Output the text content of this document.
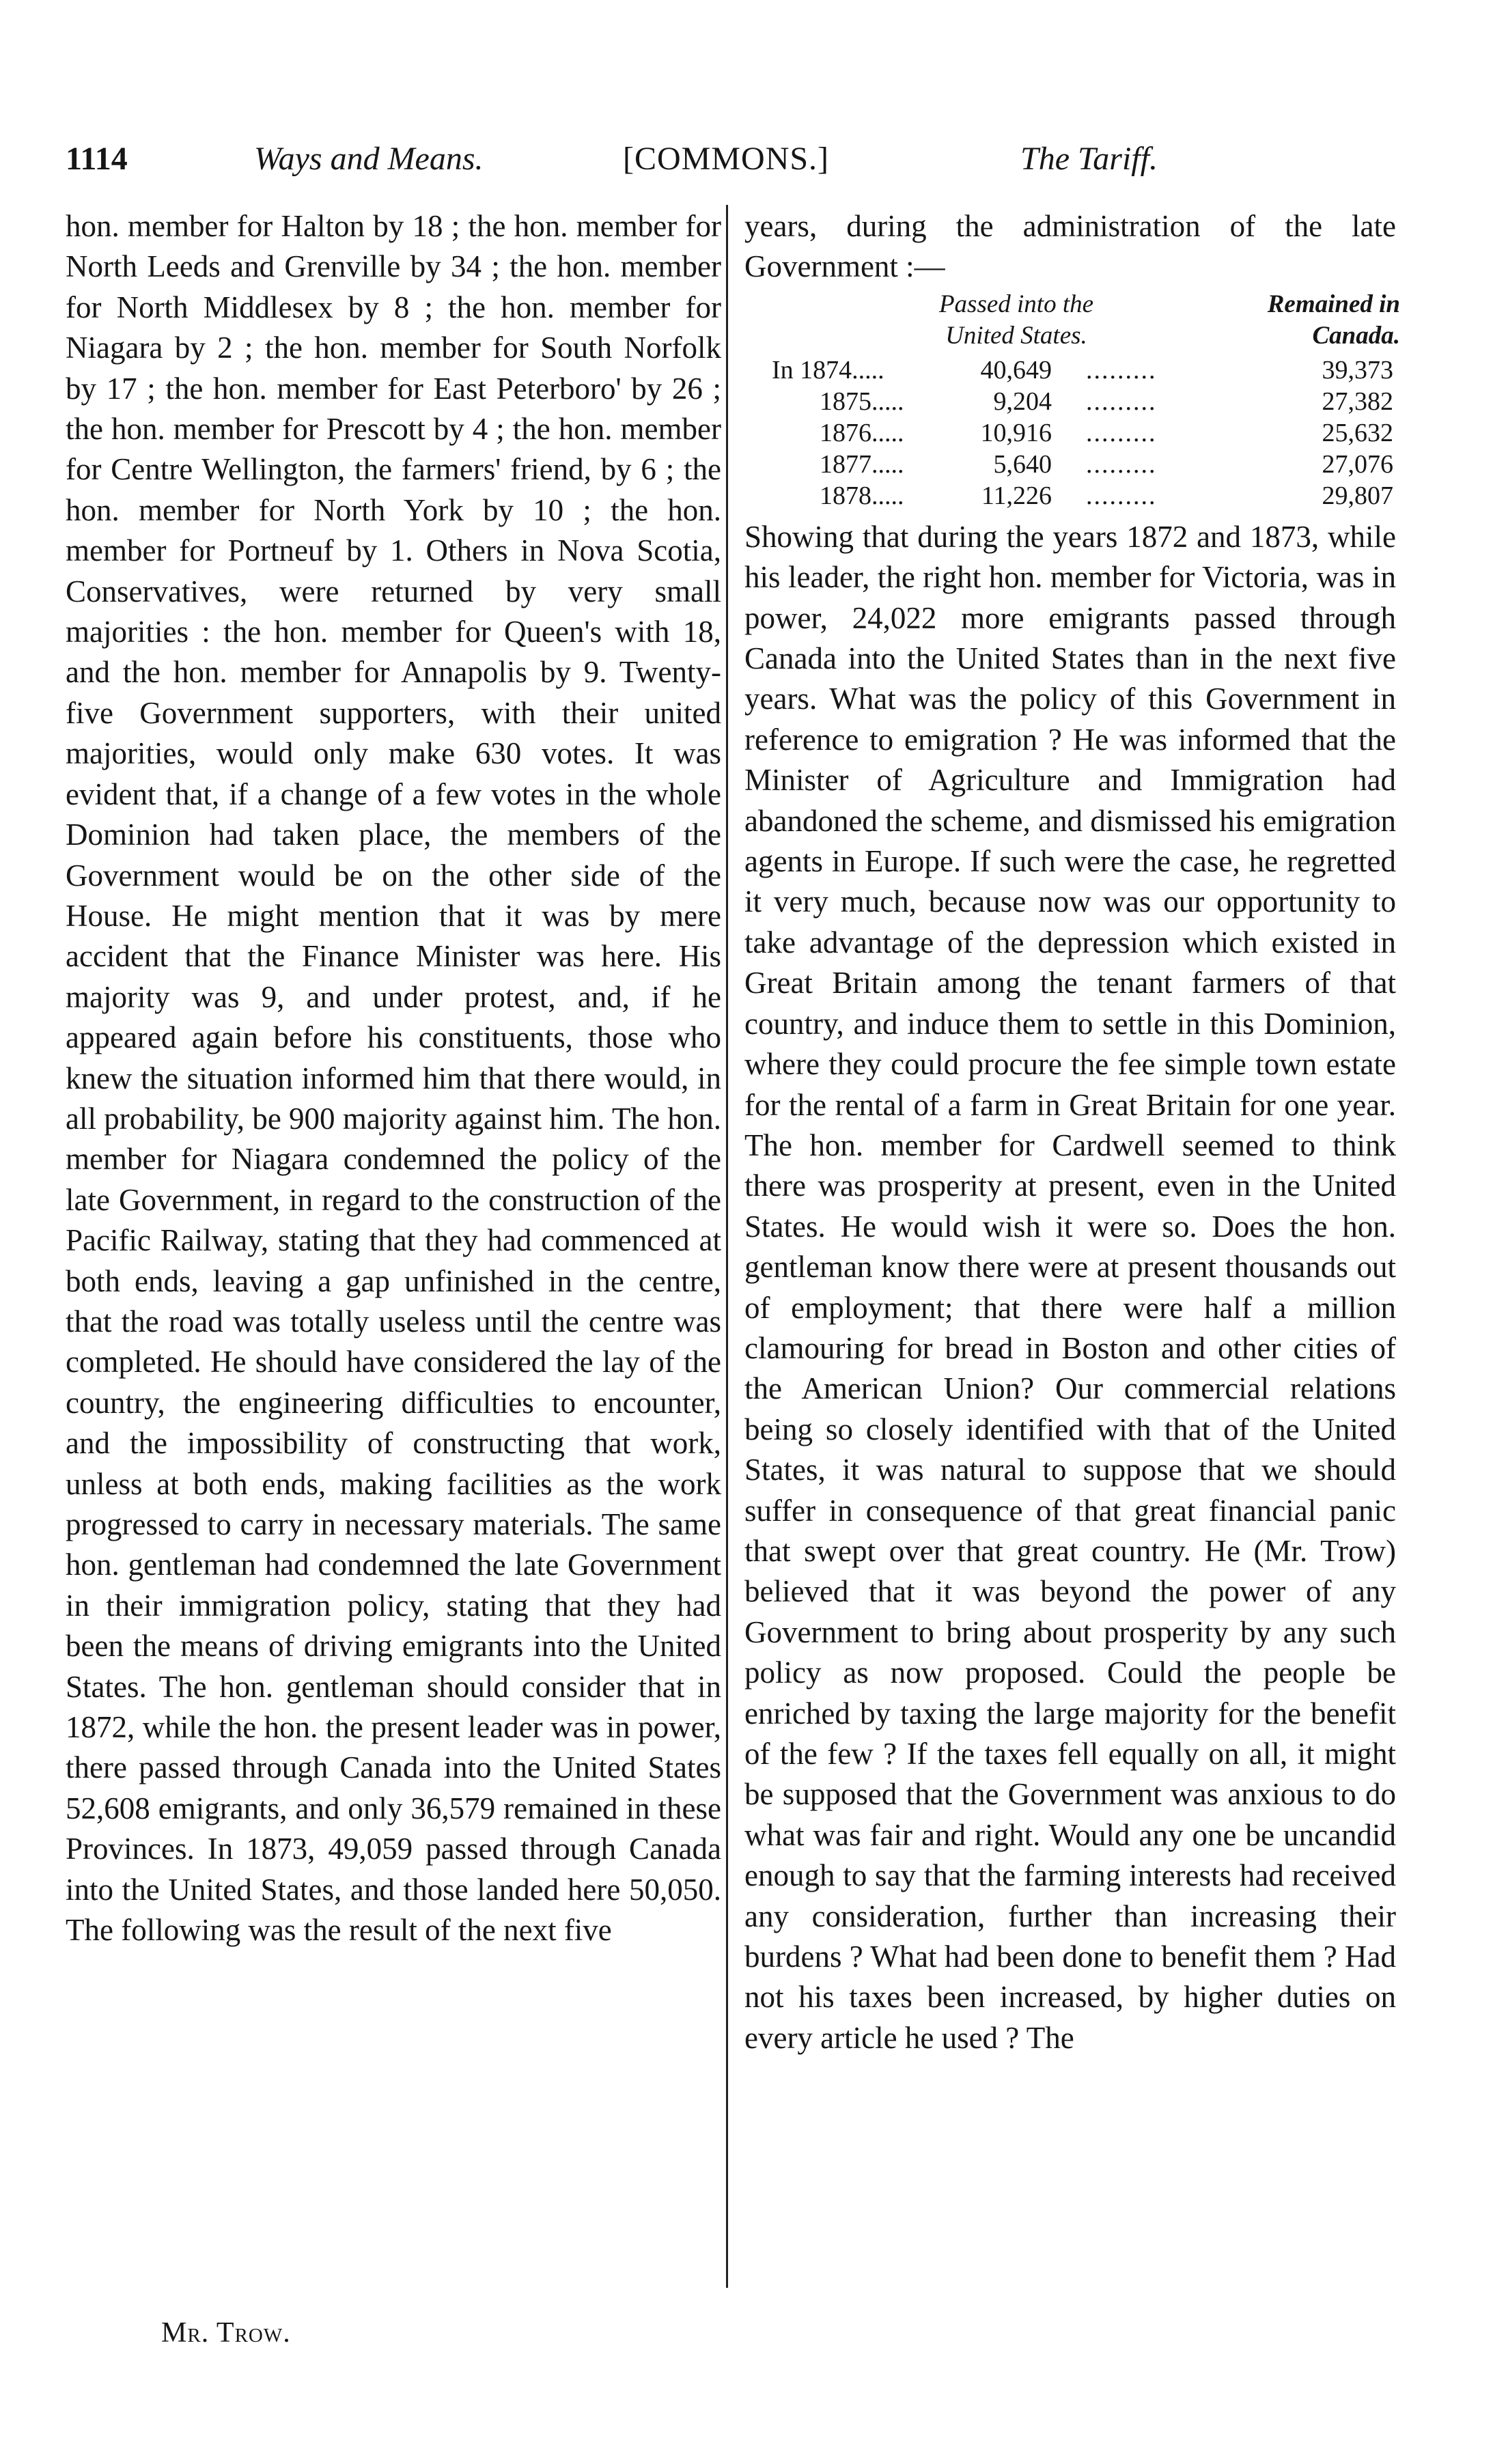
1114	Ways and Means.	[COMMONS.]	The Tariff.

hon. member for Halton by 18 ; the hon. member for North Leeds and Grenville by 34 ; the hon. member for North Middlesex by 8 ; the hon. member for Niagara by 2 ; the hon. member for South Norfolk by 17 ; the hon. member for East Peterboro' by 26 ; the hon. member for Prescott by 4 ; the hon. member for Centre Wellington, the farmers' friend, by 6 ; the hon. member for North York by 10 ; the hon. member for Portneuf by 1. Others in Nova Scotia, Conservatives, were returned by very small majorities : the hon. member for Queen's with 18, and the hon. member for Annapolis by 9. Twenty-five Government supporters, with their united majorities, would only make 630 votes. It was evident that, if a change of a few votes in the whole Dominion had taken place, the members of the Government would be on the other side of the House. He might mention that it was by mere accident that the Finance Minister was here. His majority was 9, and under protest, and, if he appeared again before his constituents, those who knew the situation informed him that there would, in all probability, be 900 majority against him. The hon. member for Niagara condemned the policy of the late Government, in regard to the construction of the Pacific Railway, stating that they had commenced at both ends, leaving a gap unfinished in the centre, that the road was totally useless until the centre was completed. He should have considered the lay of the country, the engineering difficulties to encounter, and the impossibility of constructing that work, unless at both ends, making facilities as the work progressed to carry in necessary materials. The same hon. gentleman had condemned the late Government in their immigration policy, stating that they had been the means of driving emigrants into the United States. The hon. gentleman should consider that in 1872, while the hon. the present leader was in power, there passed through Canada into the United States 52,608 emigrants, and only 36,579 remained in these Provinces. In 1873, 49,059 passed through Canada into the United States, and those landed here 50,050. The following was the result of the next five

years, during the administration of the late Government :—

Passed into the United States.
Remained in Canada.
In 1874.....	40,649 .........	39,373
1875.....	9,204 .........	27,382
1876.....	10,916 .........	25,632
1877.....	5,640 .........	27,076
1878.....	11,226 .........	29,807

Showing that during the years 1872 and 1873, while his leader, the right hon. member for Victoria, was in power, 24,022 more emigrants passed through Canada into the United States than in the next five years. What was the policy of this Government in reference to emigration ? He was informed that the Minister of Agriculture and Immigration had abandoned the scheme, and dismissed his emigration agents in Europe. If such were the case, he regretted it very much, because now was our opportunity to take advantage of the depression which existed in Great Britain among the tenant farmers of that country, and induce them to settle in this Dominion, where they could procure the fee simple town estate for the rental of a farm in Great Britain for one year. The hon. member for Cardwell seemed to think there was prosperity at present, even in the United States. He would wish it were so. Does the hon. gentleman know there were at present thousands out of employment; that there were half a million clamouring for bread in Boston and other cities of the American Union? Our commercial relations being so closely identified with that of the United States, it was natural to suppose that we should suffer in consequence of that great financial panic that swept over that great country. He (Mr. Trow) believed that it was beyond the power of any Government to bring about prosperity by any such policy as now proposed. Could the people be enriched by taxing the large majority for the benefit of the few ? If the taxes fell equally on all, it might be supposed that the Government was anxious to do what was fair and right. Would any one be uncandid enough to say that the farming interests had received any consideration, further than increasing their burdens ? What had been done to benefit them ? Had not his taxes been increased, by higher duties on every article he used ? The

Mr. Trow.
